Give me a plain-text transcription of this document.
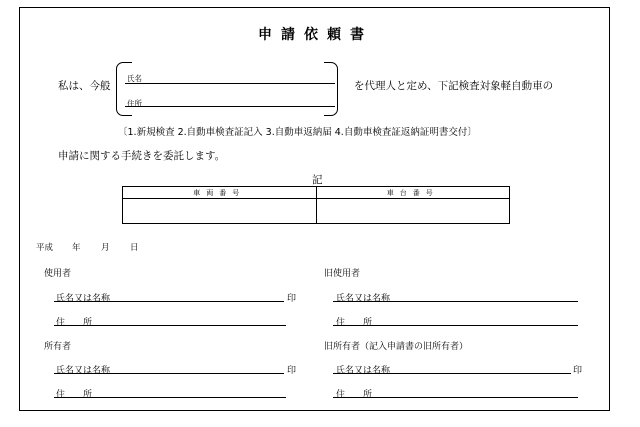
申請依頼書
私は、今般
氏名
住所
を代理人と定め、下記検査対象軽自動車の
〔1.新規検査 2.自動車検査証記入 3.自動車返納届 4.自動車検査証返納証明書交付〕
申請に関する手続きを委託します。
記
車両番号	車台番号

平成 年 月 日
使用者
氏名又は名称	印
住　　所
旧使用者
氏名又は名称
住　　所
所有者
氏名又は名称	印
住　　所
旧所有者（記入申請書の旧所有者）
氏名又は名称	印
住　　所
